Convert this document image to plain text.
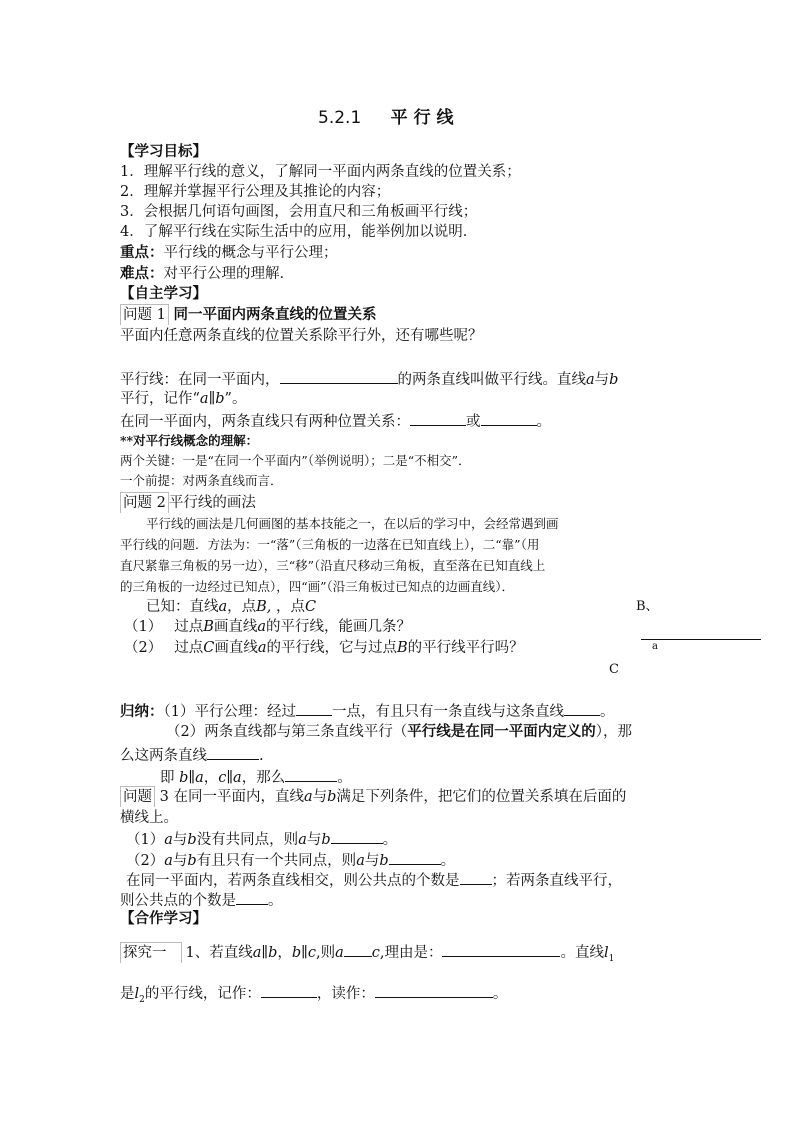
5.2.1 平 行 线
【学习目标】
1．理解平行线的意义，了解同一平面内两条直线的位置关系；
2．理解并掌握平行公理及其推论的内容；
3．会根据几何语句画图，会用直尺和三角板画平行线；
4．了解平行线在实际生活中的应用，能举例加以说明．
重点：平行线的概念与平行公理；
难点：对平行公理的理解．
【自主学习】
问题 1 同一平面内两条直线的位置关系
平面内任意两条直线的位置关系除平行外，还有哪些呢？
平行线：在同一平面内，	的两条直线叫做平行线。直线a与b
平行，记作“a∥b”。
在同一平面内，两条直线只有两种位置关系：	或	。
**对平行线概念的理解：
两个关键：一是“在同一个平面内”（举例说明）；二是“不相交”．
一个前提：对两条直线而言．
问题 2 平行线的画法
平行线的画法是几何画图的基本技能之一，在以后的学习中，会经常遇到画
平行线的问题．方法为：一“落”（三角板的一边落在已知直线上），二“靠”（用
直尺紧靠三角板的另一边），三“移”（沿直尺移动三角板，直至落在已知直线上
的三角板的一边经过已知点），四“画”（沿三角板过已知点的边画直线）．
已知：直线a，点B, ，点C
（1） 过点B画直线a的平行线，能画几条？
（2） 过点C画直线a的平行线，它与过点B的平行线平行吗？
B、
a
C
归纳：（1）平行公理：经过 一点，有且只有一条直线与这条直线 。
（2）两条直线都与第三条直线平行（平行线是在同一平面内定义的），那
么这两条直线	.
即 b∥a，c∥a，那么	。
问题 3 在同一平面内，直线a与b满足下列条件，把它们的位置关系填在后面的
横线上。
（1）a与b没有共同点，则a与b	。
（2）a与b有且只有一个共同点，则a与b	。
在同一平面内，若两条直线相交，则公共点的个数是 ；若两条直线平行，
则公共点的个数是 。
【合作学习】
探究一 1、若直线a∥b，b∥c,则a c,理由是：	。直线$l_1$
是$l_2$的平行线，记作：	，读作：	。
